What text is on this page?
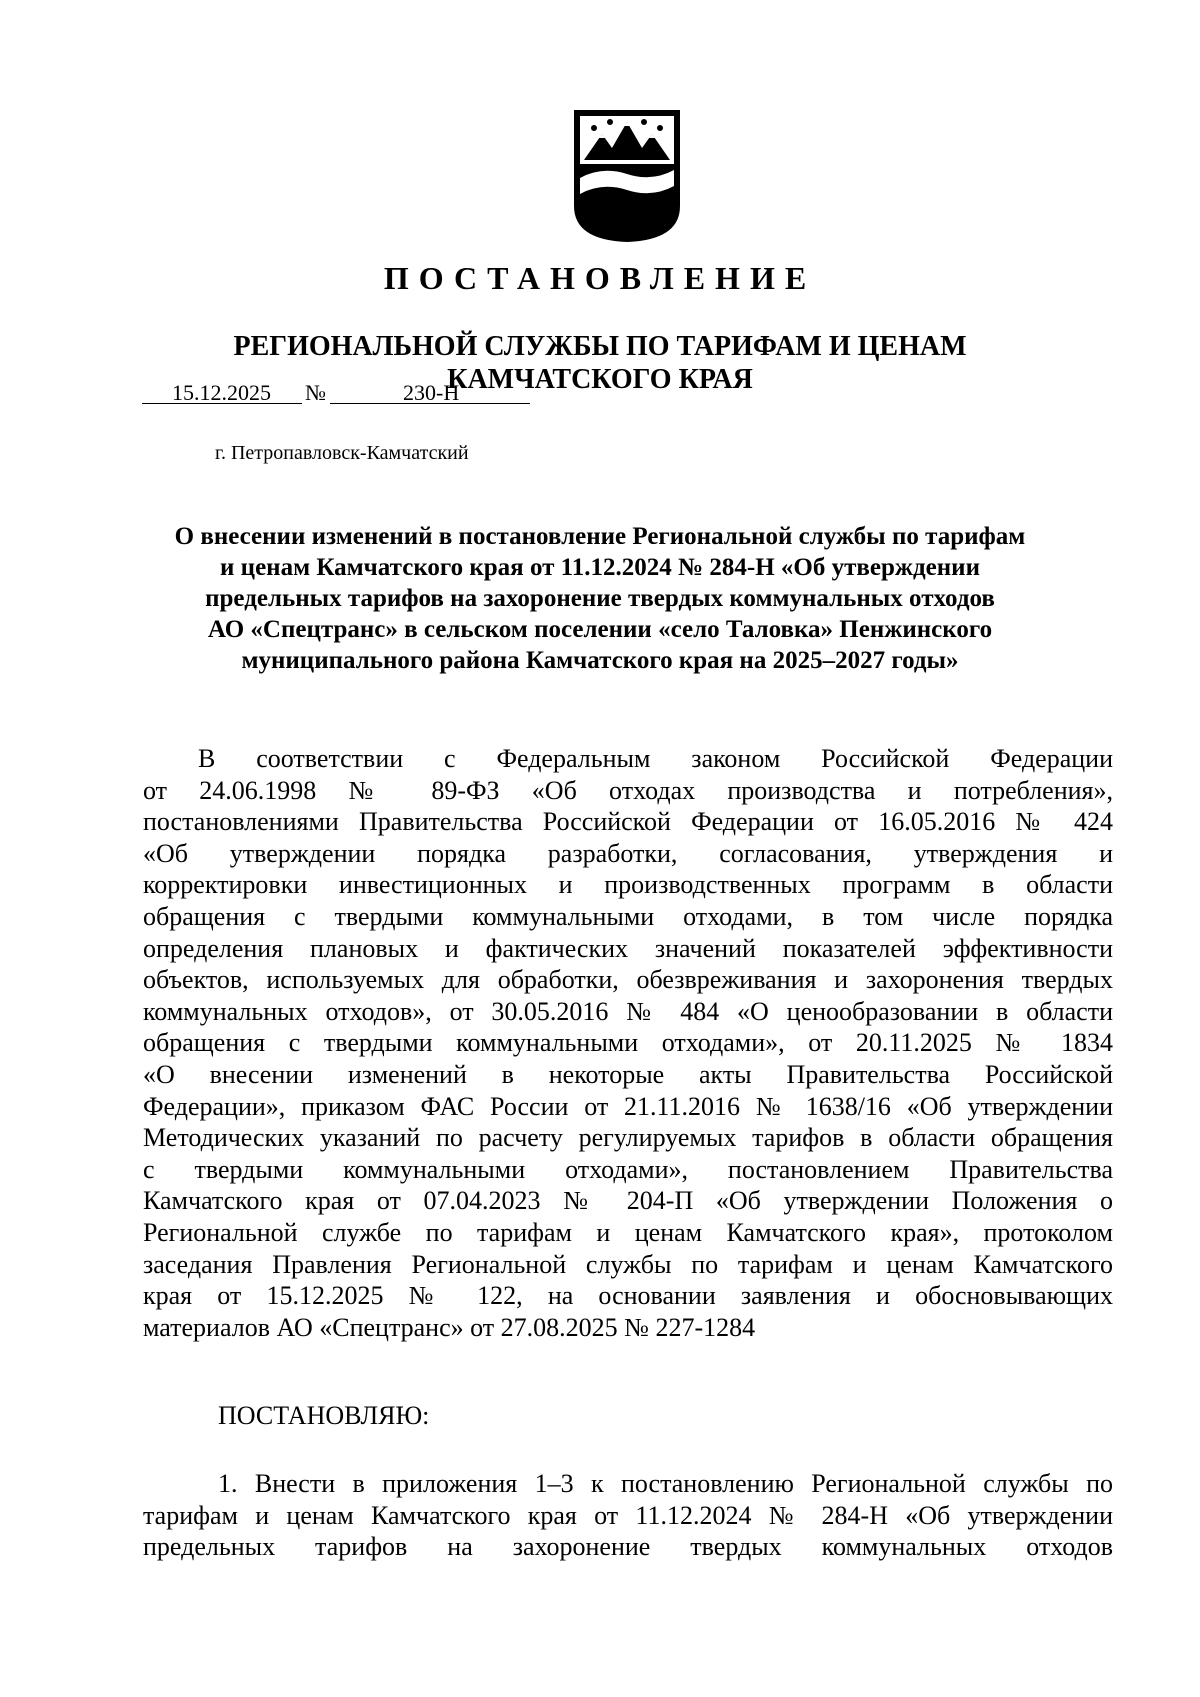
ПОСТАНОВЛЕНИЕ
РЕГИОНАЛЬНОЙ СЛУЖБЫ ПО ТАРИФАМ И ЦЕНАМ
КАМЧАТСКОГО КРАЯ
15.12.2025 №	230-Н
г. Петропавловск-Камчатский
О внесении изменений в постановление Региональной службы по тарифам
и ценам Камчатского края от 11.12.2024 № 284-Н «Об утверждении
предельных тарифов на захоронение твердых коммунальных отходов
АО «Спецтранс» в сельском поселении «село Таловка» Пенжинского
муниципального района Камчатского края на 2025–2027 годы»
В соответствии с Федеральным законом Российской Федерации
от 24.06.1998 № 89-ФЗ «Об отходах производства и потребления»,
постановлениями Правительства Российской Федерации от 16.05.2016 № 424
«Об утверждении порядка разработки, согласования, утверждения и
корректировки инвестиционных и производственных программ в области
обращения с твердыми коммунальными отходами, в том числе порядка
определения плановых и фактических значений показателей эффективности
объектов, используемых для обработки, обезвреживания и захоронения твердых
коммунальных отходов», от 30.05.2016 № 484 «О ценообразовании в области
обращения с твердыми коммунальными отходами», от 20.11.2025 № 1834
«О внесении изменений в некоторые акты Правительства Российской
Федерации», приказом ФАС России от 21.11.2016 № 1638/16 «Об утверждении
Методических указаний по расчету регулируемых тарифов в области обращения
с твердыми коммунальными отходами», постановлением Правительства
Камчатского края от 07.04.2023 № 204-П «Об утверждении Положения о
Региональной службе по тарифам и ценам Камчатского края», протоколом
заседания Правления Региональной службы по тарифам и ценам Камчатского
края от 15.12.2025 № 122, на основании заявления и обосновывающих
материалов АО «Спецтранс» от 27.08.2025 № 227-1284
ПОСТАНОВЛЯЮ:
1. Внести в приложения 1–3 к постановлению Региональной службы по
тарифам и ценам Камчатского края от 11.12.2024 № 284-Н «Об утверждении
предельных тарифов на захоронение твердых коммунальных отходов
